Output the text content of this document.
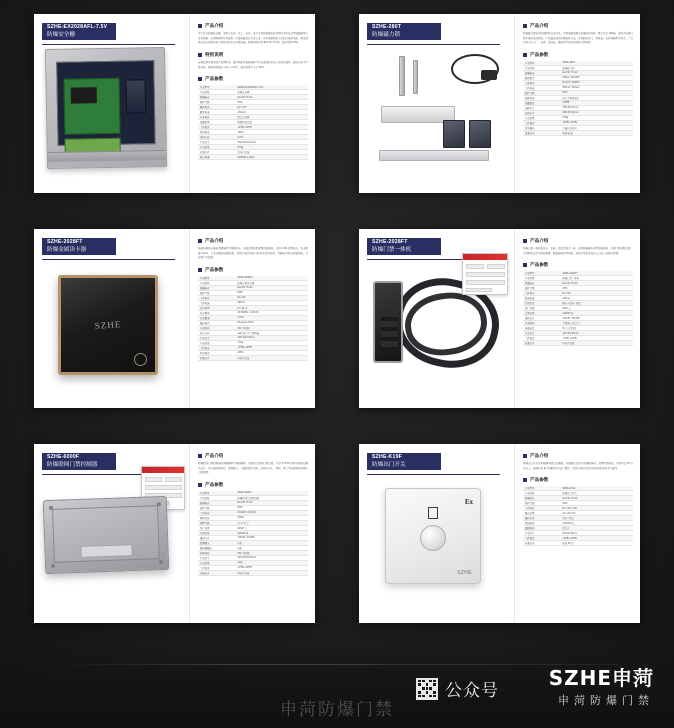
SZHE-EX2028AFL-7.5V
防爆安全栅
产品介绍
本产品为防爆安全栅，适用于石油、化工、冶金、电力等易燃易爆危险场所的本质安全型电路隔离与信号传输，采用隔爆型外壳结构，内部电路经过本安认证，可有效限制进入危险区域的电能，保证现场仪表与控制系统之间信号的安全可靠传输，防爆等级达到 Exd IIC T6 Gb，防护等级 IP66。
特别说明
安装前请仔细阅读产品说明书，接线须由具备防爆电气作业资格的专业人员进行操作；通电状态下严禁开盖，使用环境温度 -40℃~+60℃，相对湿度不大于 95%。
产品参数
产品型号	SZHE-EX2028AFL-7.5V
产品名称	防爆安全栅
防爆标志	Exd IIC T6 Gb
防护等级	IP66
额定电压	DC 7.5V
额定电流	≤500mA
外壳材质	铝合金压铸
表面处理	喷塑静电涂装
工作温度	-40℃~+60℃
相对湿度	≤95%
进线口径	G3/4"
产品尺寸	260×200×120mm
产品重量	6.5kg
安装方式	壁挂式安装
执行标准	GB3836.1-2010
SZHE-280T
防爆磁力锁
产品介绍
防爆磁力锁采用高强度铝合金外壳，内置电磁线圈与防爆密封结构，吸力可达 280kg，适用于防爆门禁系统的电控锁闭。产品通过国家防爆检验认证，具有断电开门、零噪音、无机械磨损等特点，广泛应用于化工厂、油库、加油站、喷漆房等危险区域的门禁控制。
产品参数
产品型号	SZHE-280T
产品名称	防爆磁力锁
防爆标志	Exd IIC T6 Gb
额定吸力	280kg / 600LBS
工作电压	DC12V / DC24V
工作电流	500mA / 250mA
防护等级	IP65
锁体材质	铝合金阳极氧化
表面温度	≤45℃
锁体尺寸	250×48×27mm
衔铁尺寸	180×38×12mm
产品重量	2.8kg
工作温度	-40℃~+60℃
信号输出	门磁状态信号
安装方式	明装/暗装
SZHE-2028FT
防爆金属读卡器
SZHE
产品介绍
防爆金属读卡器采用隔爆型不锈钢外壳，内嵌高灵敏度射频识别模块，支持 IC/ID 双频读卡，读卡距离 3-8cm。产品表面经防腐处理，适用于危险场所门禁系统身份识别，具备防水防尘防爆性能，可长期户外使用。
产品参数
产品型号	SZHE-2028FT
产品名称	防爆金属读卡器
防爆标志	Exd IIC T6 Gb
防护等级	IP68
工作电压	DC 12V
工作电流	≤80mA
读卡类型	IC / ID 卡
读卡频率	13.56MHz / 125KHz
读卡距离	3-8cm
输出格式	Wiegand 26/34
外壳材质	304 不锈钢
指示方式	LED 指示灯 / 蜂鸣器
产品尺寸	120×120×40mm
产品重量	1.6kg
工作温度	-40℃~+60℃
相对湿度	≤95%
安装方式	壁挂式安装
SZHE-2028FT
防爆门禁一体机
产品介绍
防爆门禁一体机集读卡、密码、指纹识别于一体，采用隔爆兼本安型防爆结构，内置门禁控制主板，支持脱机运行与联网管理，配备防爆专用电缆，适用于危险区域出入口的人员通行管理。
产品参数
产品型号	SZHE-2028FT
产品名称	防爆门禁一体机
防爆标志	Exd IIC T6 Gb
防护等级	IP66
工作电压	DC 12V
静态电流	≤60mA
识别方式	刷卡 / 密码 / 指纹
用户容量	3000 人
记录容量	100000 条
通讯方式	TCP/IP / RS485
外壳材质	不锈钢 + 铝合金
电缆长度	5m（可定制）
产品尺寸	180×90×45mm
工作温度	-40℃~+60℃
安装方式	壁挂式安装
SZHE-6000F
防爆联网门禁控制器
产品介绍
防爆联网门禁控制器采用隔爆型不锈钢箱体，内置四门联网门禁主板，支持 TCP/IP 联网与脱机双模式运行，可扩展消防联动、报警输入、门磁检测等功能，适用于石化、制药、军工等防爆场所的集中门禁管理。
产品参数
产品型号	SZHE-6000F
产品名称	防爆联网门禁控制器
防爆标志	Exd IIC T6 Gb
防护等级	IP66
工作电压	AC220V / DC12V
整机功耗	≤30W
管理门数	1 / 2 / 4 门
用户容量	20000 人
记录容量	100000 条
通讯方式	TCP/IP / RS485
报警输入	4 路
继电器输出	4 路
箱体材质	304 不锈钢
产品尺寸	400×300×150mm
产品重量	12kg
工作温度	-40℃~+60℃
安装方式	壁挂式安装
SZHE-K19F
防爆出门开关
Ex
SZHE
产品介绍
防爆出门开关采用隔爆型铝合金面板，内部触点密封于防爆腔体内，按键手感舒适，寿命可达 50 万次以上。表面标有 Ex 防爆标识及出门图标，适用于危险区域门禁系统的室内开门操作。
产品参数
产品型号	SZHE-K19F
产品名称	防爆出门开关
防爆标志	Exd IIC T6 Gb
防护等级	IP66
工作电压	DC 12V / 24V
触点容量	3A / 36V DC
输出方式	常开 / 常闭
机械寿命	≥500000 次
面板材质	铝合金
产品尺寸	86×86×35mm
工作温度	-40℃~+60℃
安装方式	暗装 86 盒
公众号
SZHE申菏
申菏防爆门禁
申菏防爆门禁
